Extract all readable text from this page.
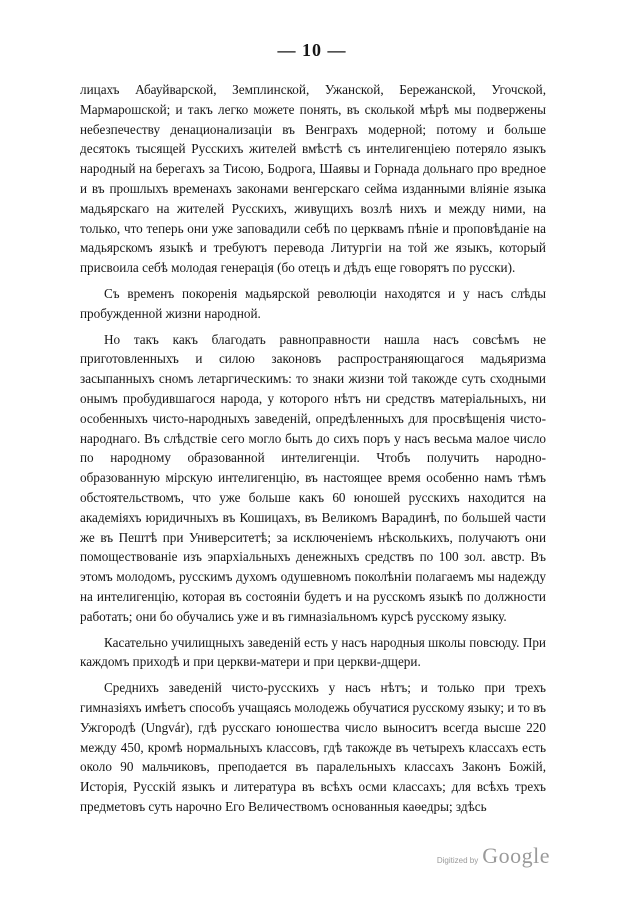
— 10 —

лицахъ Абауйварской, Земплинской, Ужанской, Бережанской, Угочской, Мармарошской; и такъ легко можете понять, въ сколькой мѣрѣ мы подвержены небезпечеству денационализаціи въ Венграхъ модерной; потому и больше десятокъ тысящей Русскихъ жителей вмѣстѣ съ интелигенціею потеряло языкъ народный на берегахъ за Тисою, Бодрога, Шаявы и Горнада дольнаго про вредное и въ прошлыхъ временахъ законами венгерскаго сейма изданными вліяніе языка мадьярскаго на жителей Русскихъ, живущихъ возлѣ нихъ и между ними, на только, что теперь они уже заповадили себѣ по церквамъ пѣніе и проповѣданіе на мадьярскомъ языкѣ и требуютъ перевода Литургіи на той же языкъ, который присвоила себѣ молодая генерація (бо отецъ и дѣдъ еще говорятъ по русски).

Съ временъ покоренія мадьярской революціи находятся и у насъ слѣды пробужденной жизни народной.

Но такъ какъ благодать равноправности нашла насъ совсѣмъ не приготовленныхъ и силою законовъ распространяющагося мадьяризма засыпанныхъ сномъ летаргическимъ: то знаки жизни той такожде суть сходными онымъ пробудившагося народа, у которого нѣтъ ни средствъ матеріальныхъ, ни особенныхъ чисто-народныхъ заведеній, опредѣленныхъ для просвѣщенія чисто-народнаго. Въ слѣдствіе сего могло быть до сихъ поръ у насъ весьма малое число по народному образованной интелигенціи. Чтобъ получить народно-образованную мірскую интелигенцію, въ настоящее время особенно намъ тѣмъ обстоятельствомъ, что уже больше какъ 60 юношей русскихъ находится на академіяхъ юридичныхъ въ Кошицахъ, въ Великомъ Варадинѣ, по большей части же въ Пештѣ при Университетѣ; за исключеніемъ нѣсколькихъ, получаютъ они помоществованіе изъ эпархіальныхъ денежныхъ средствъ по 100 зол. австр. Въ этомъ молодомъ, русскимъ духомъ одушевномъ поколѣніи полагаемъ мы надежду на интелигенцію, которая въ состояніи будетъ и на русскомъ языкѣ по должности работать; они бо обучались уже и въ гимназіальномъ курсѣ русскому языку.

Касательно училищныхъ заведеній есть у насъ народныя школы повсюду. При каждомъ приходѣ и при церкви-матери и при церкви-дщери.

Среднихъ заведеній чисто-русскихъ у насъ нѣтъ; и только при трехъ гимназіяхъ имѣетъ способъ учащаясь молодежь обучатися русскому языку; и то въ Ужгородѣ (Ungvár), гдѣ русскаго юношества число выноситъ всегда высше 220 между 450, кромѣ нормальныхъ классовъ, гдѣ такожде въ четырехъ классахъ есть около 90 мальчиковъ, преподается въ паралельныхъ классахъ Законъ Божій, Исторія, Русскій языкъ и литература въ всѣхъ осми классахъ; для всѣхъ трехъ предметовъ суть нарочно Его Величествомъ основанныя каѳедры; здѣсь

Digitized by Google
